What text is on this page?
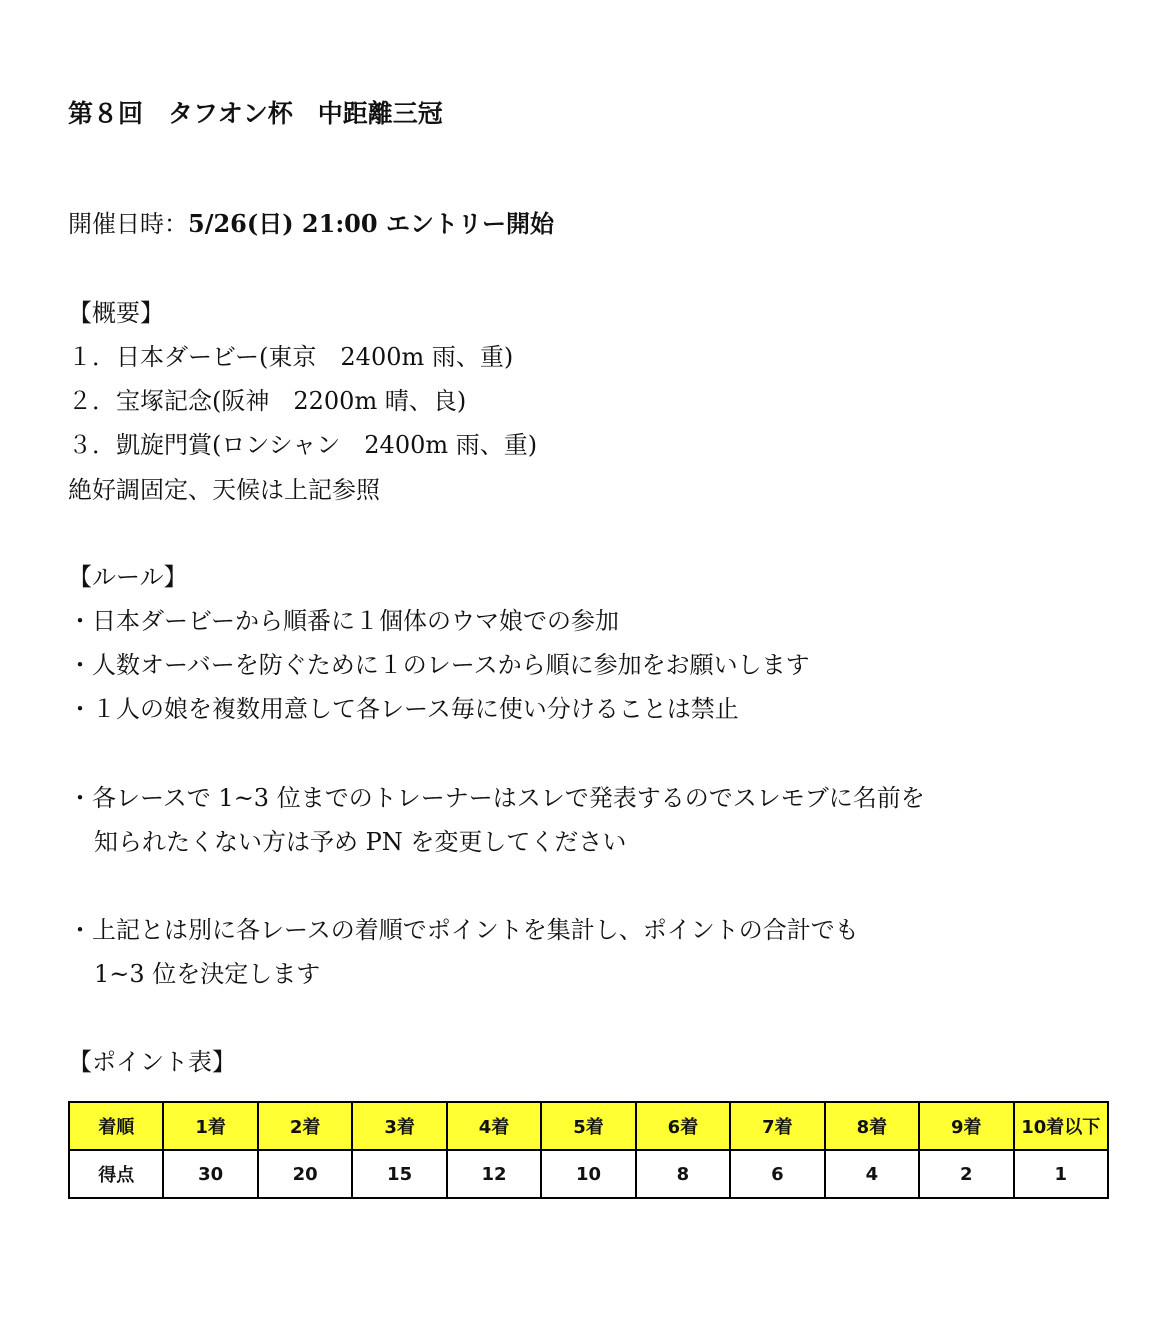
第８回　タフオン杯　中距離三冠
開催日時：5/26(日) 21:00 エントリー開始
【概要】
１．日本ダービー(東京　2400m 雨、重)
２．宝塚記念(阪神　2200m 晴、良)
３．凱旋門賞(ロンシャン　2400m 雨、重)
絶好調固定、天候は上記参照
【ルール】
・日本ダービーから順番に１個体のウマ娘での参加
・人数オーバーを防ぐために１のレースから順に参加をお願いします
・１人の娘を複数用意して各レース毎に使い分けることは禁止
・各レースで 1~3 位までのトレーナーはスレで発表するのでスレモブに名前を
知られたくない方は予め PN を変更してください
・上記とは別に各レースの着順でポイントを集計し、ポイントの合計でも
1~3 位を決定します
【ポイント表】
着順	1着	2着	3着	4着	5着	6着	7着	8着	9着	10着以下
得点	30	20	15	12	10	8	6	4	2	1
